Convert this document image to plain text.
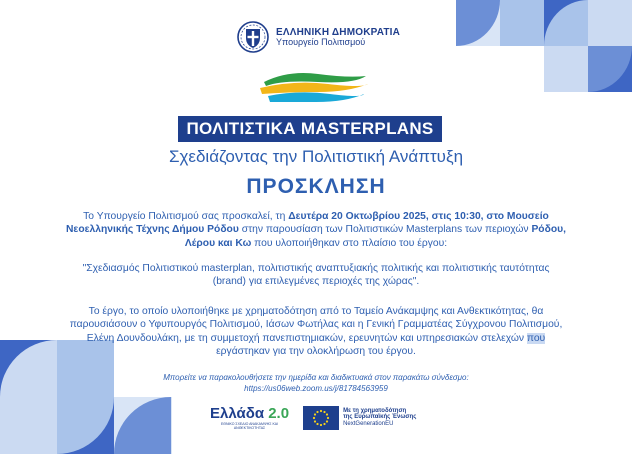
ΕΛΛΗΝΙΚΗ ΔΗΜΟΚΡΑΤΙΑ
Υπουργείο Πολιτισμού
ΠΟΛΙΤΙΣΤΙΚΑ MASTERPLANS
Σχεδιάζοντας την Πολιτιστική Ανάπτυξη
ΠΡΟΣΚΛΗΣΗ
Το Υπουργείο Πολιτισμού σας προσκαλεί, τη Δευτέρα 20 Οκτωβρίου 2025, στις 10:30, στο Μουσείο Νεοελληνικής Τέχνης Δήμου Ρόδου στην παρουσίαση των Πολιτιστικών Masterplans των περιοχών Ρόδου, Λέρου και Κω που υλοποιήθηκαν στο πλαίσιο του έργου:
"Σχεδιασμός Πολιτιστικού masterplan, πολιτιστικής αναπτυξιακής πολιτικής και πολιτιστικής ταυτότητας (brand) για επιλεγμένες περιοχές της χώρας".
Το έργο, το οποίο υλοποιήθηκε με χρηματοδότηση από το Ταμείο Ανάκαμψης και Ανθεκτικότητας, θα παρουσιάσουν ο Υφυπουργός Πολιτισμού, Ιάσων Φωτήλας και η Γενική Γραμματέας Σύγχρονου Πολιτισμού, Ελένη Δουνδουλάκη, με τη συμμετοχή πανεπιστημιακών, ερευνητών και υπηρεσιακών στελεχών που εργάστηκαν για την ολοκλήρωση του έργου.
Μπορείτε να παρακολουθήσετε την ημερίδα και διαδικτυακά στον παρακάτω σύνδεσμο:
https://us06web.zoom.us/j/81784563959
Ελλάδα 2.0
ΕΘΝΙΚΟ ΣΧΕΔΙΟ ΑΝΑΚΑΜΨΗΣ ΚΑΙ ΑΝΘΕΚΤΙΚΟΤΗΤΑΣ
Με τη χρηματοδότηση
της Ευρωπαϊκής Ένωσης
NextGenerationEU
